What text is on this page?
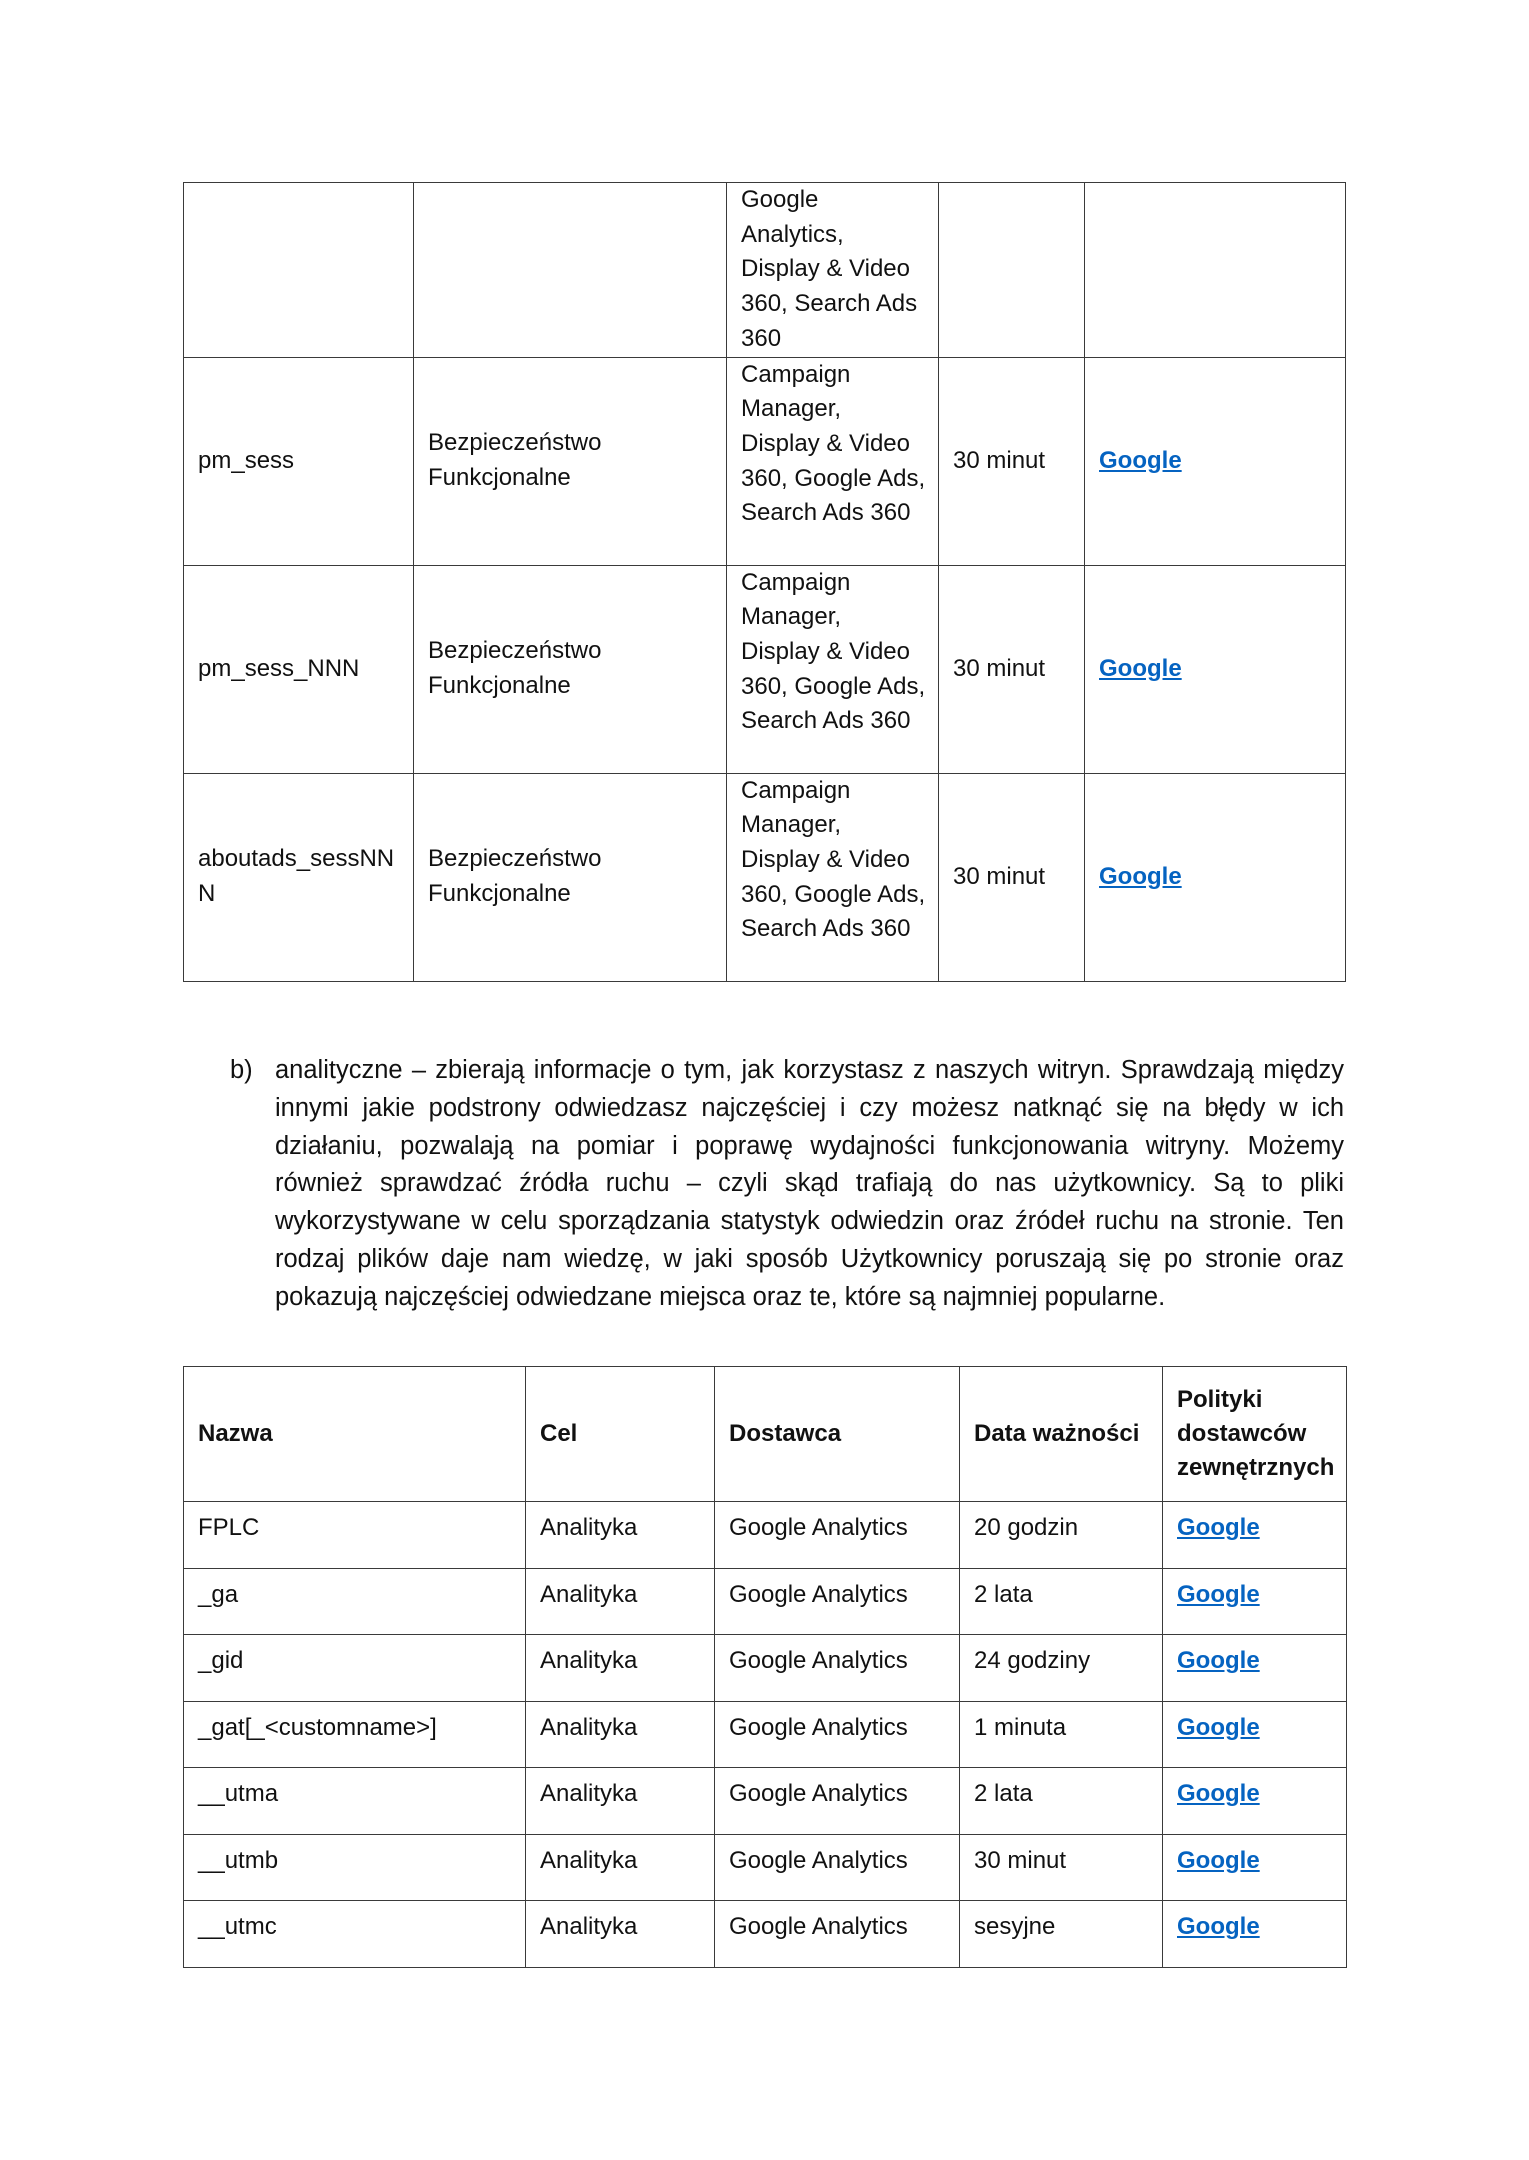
		Google Analytics, Display & Video 360, Search Ads 360		
pm_sess	Bezpieczeństwo Funkcjonalne	Campaign Manager, Display & Video 360, Google Ads, Search Ads 360	30 minut	Google
pm_sess_NNN	Bezpieczeństwo Funkcjonalne	Campaign Manager, Display & Video 360, Google Ads, Search Ads 360	30 minut	Google
aboutads_sessNNN	Bezpieczeństwo Funkcjonalne	Campaign Manager, Display & Video 360, Google Ads, Search Ads 360	30 minut	Google
b) analityczne – zbierają informacje o tym, jak korzystasz z naszych witryn. Sprawdzają między innymi jakie podstrony odwiedzasz najczęściej i czy możesz natknąć się na błędy w ich działaniu, pozwalają na pomiar i poprawę wydajności funkcjonowania witryny. Możemy również sprawdzać źródła ruchu – czyli skąd trafiają do nas użytkownicy. Są to pliki wykorzystywane w celu sporządzania statystyk odwiedzin oraz źródeł ruchu na stronie. Ten rodzaj plików daje nam wiedzę, w jaki sposób Użytkownicy poruszają się po stronie oraz pokazują najczęściej odwiedzane miejsca oraz te, które są najmniej popularne.
Nazwa	Cel	Dostawca	Data ważności	Polityki dostawców zewnętrznych
FPLC	Analityka	Google Analytics	20 godzin	Google
_ga	Analityka	Google Analytics	2 lata	Google
_gid	Analityka	Google Analytics	24 godziny	Google
_gat[_<customname>]	Analityka	Google Analytics	1 minuta	Google
__utma	Analityka	Google Analytics	2 lata	Google
__utmb	Analityka	Google Analytics	30 minut	Google
__utmc	Analityka	Google Analytics	sesyjne	Google
